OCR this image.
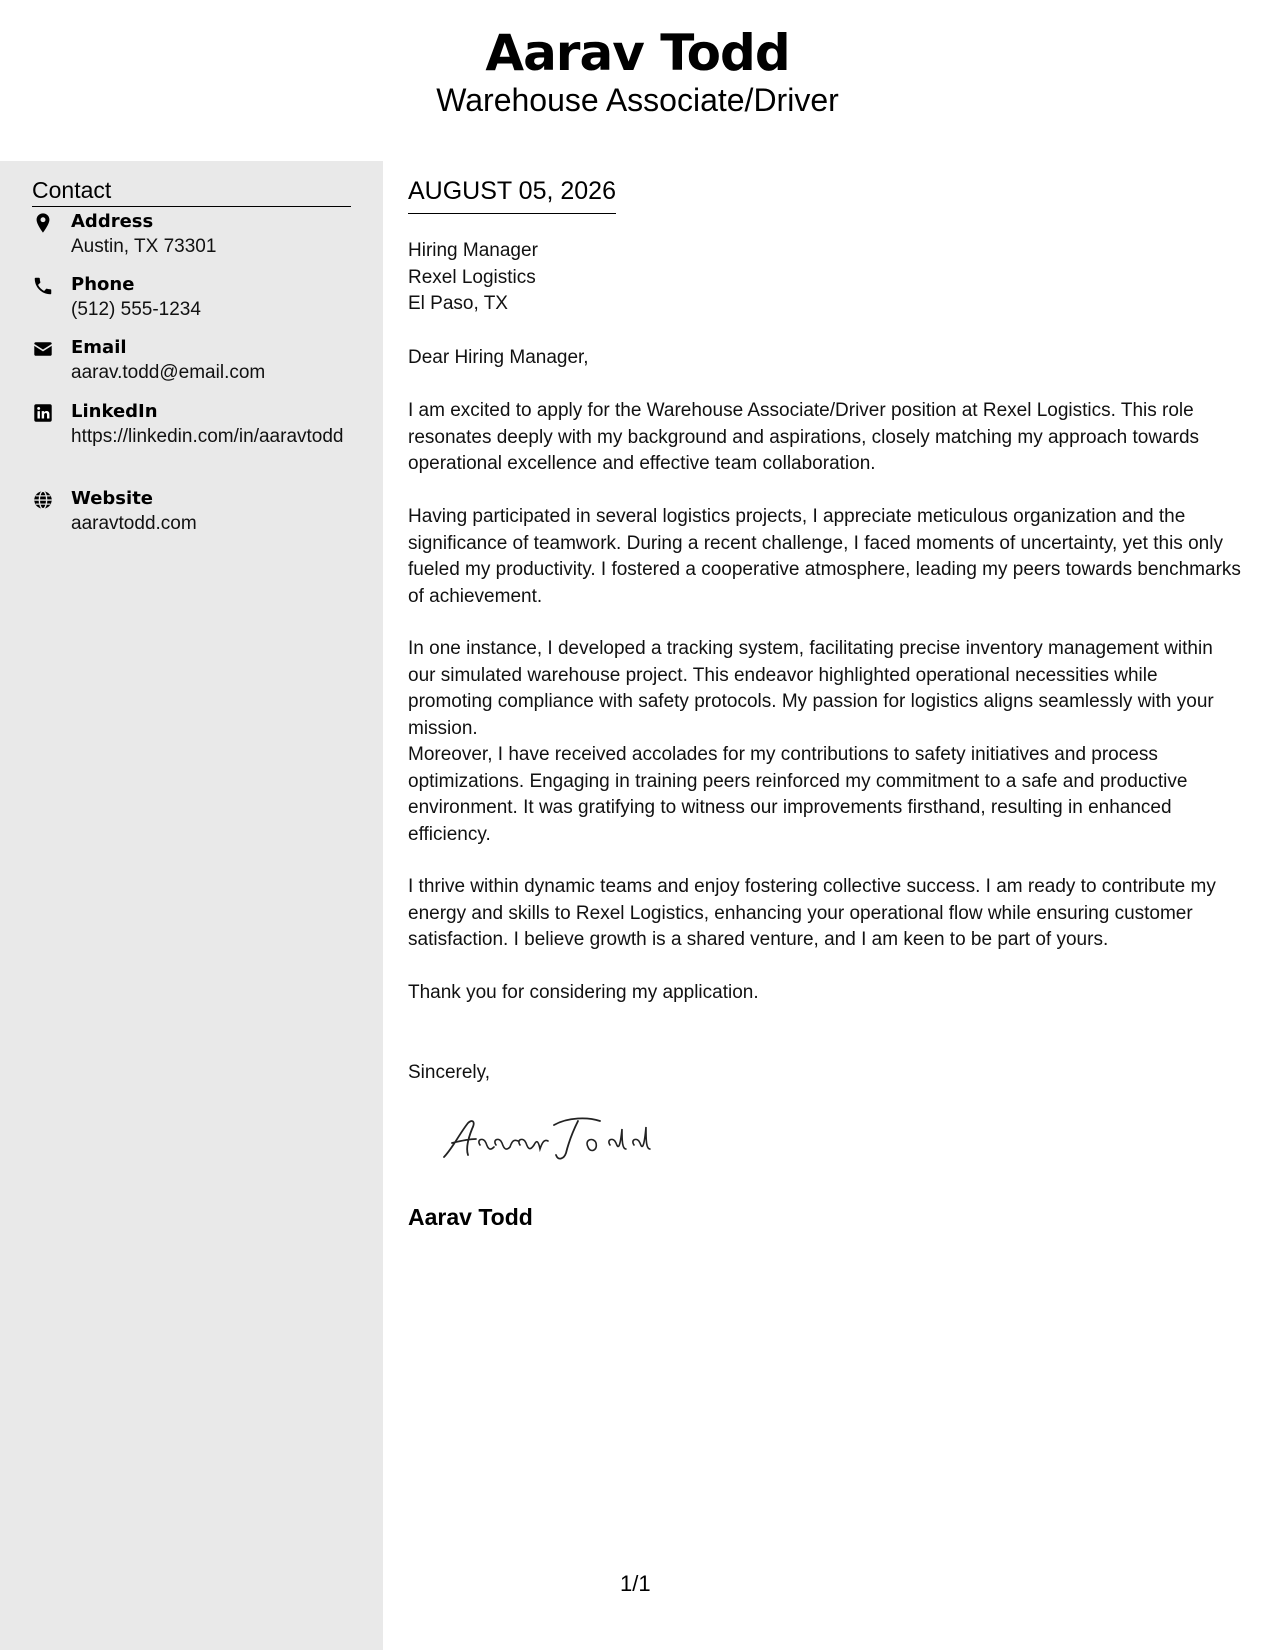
Aarav Todd
Warehouse Associate/Driver
Contact
Address
Austin, TX 73301
Phone
(512) 555-1234
Email
aarav.todd@email.com
LinkedIn
https://linkedin.com/in/aaravtodd
Website
aaravtodd.com
AUGUST 05, 2026
Hiring Manager
Rexel Logistics
El Paso, TX

Dear Hiring Manager,

I am excited to apply for the Warehouse Associate/Driver position at Rexel Logistics. This role resonates deeply with my background and aspirations, closely matching my approach towards operational excellence and effective team collaboration.

Having participated in several logistics projects, I appreciate meticulous organization and the significance of teamwork. During a recent challenge, I faced moments of uncertainty, yet this only fueled my productivity. I fostered a cooperative atmosphere, leading my peers towards benchmarks of achievement.

In one instance, I developed a tracking system, facilitating precise inventory management within our simulated warehouse project. This endeavor highlighted operational necessities while promoting compliance with safety protocols. My passion for logistics aligns seamlessly with your mission.

Moreover, I have received accolades for my contributions to safety initiatives and process optimizations. Engaging in training peers reinforced my commitment to a safe and productive environment. It was gratifying to witness our improvements firsthand, resulting in enhanced efficiency.

I thrive within dynamic teams and enjoy fostering collective success. I am ready to contribute my energy and skills to Rexel Logistics, enhancing your operational flow while ensuring customer satisfaction. I believe growth is a shared venture, and I am keen to be part of yours.

Thank you for considering my application.

Sincerely,

Aarav Todd
1/1
